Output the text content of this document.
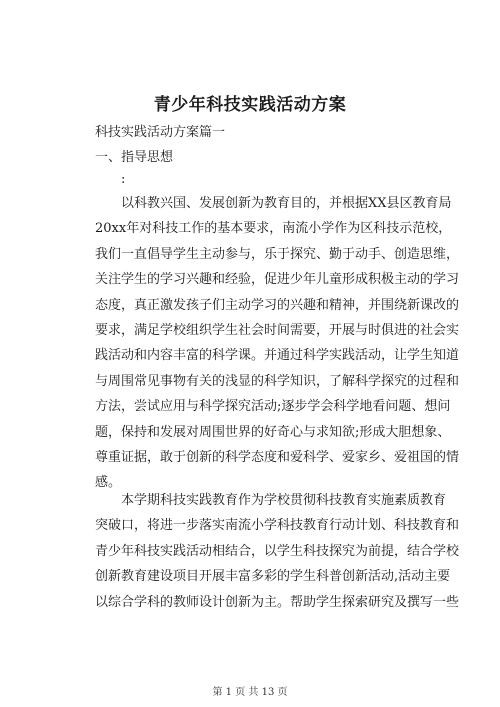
青少年科技实践活动方案
科技实践活动方案篇一
一、指导思想
:
以科教兴国、发展创新为教育目的，并根据XX县区教育局
20xx年对科技工作的基本要求，南流小学作为区科技示范校，
我们一直倡导学生主动参与，乐于探究、勤于动手、创造思维，
关注学生的学习兴趣和经验，促进少年儿童形成积极主动的学习
态度，真正激发孩子们主动学习的兴趣和精神，并围绕新课改的
要求，满足学校组织学生社会时间需要，开展与时俱进的社会实
践活动和内容丰富的科学课。并通过科学实践活动，让学生知道
与周围常见事物有关的浅显的科学知识，了解科学探究的过程和
方法，尝试应用与科学探究活动;逐步学会科学地看问题、想问
题，保持和发展对周围世界的好奇心与求知欲;形成大胆想象、
尊重证据，敢于创新的科学态度和爱科学、爱家乡、爱祖国的情
感。
本学期科技实践教育作为学校贯彻科技教育实施素质教育
突破口，将进一步落实南流小学科技教育行动计划、科技教育和
青少年科技实践活动相结合，以学生科技探究为前提，结合学校
创新教育建设项目开展丰富多彩的学生科普创新活动,活动主要
以综合学科的教师设计创新为主。帮助学生探索研究及撰写一些
第 1 页 共 13 页
